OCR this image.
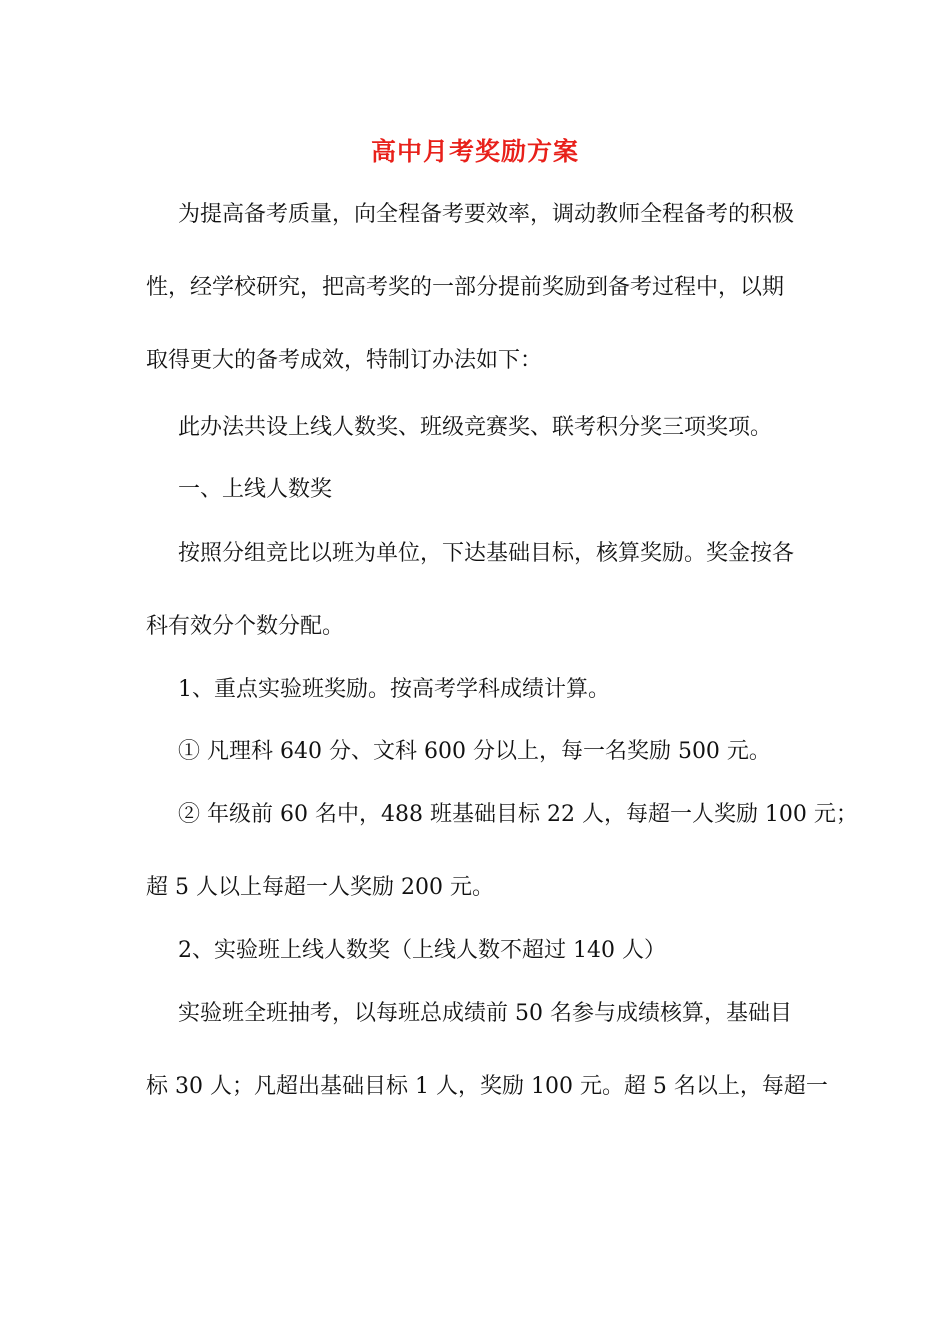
高中月考奖励方案
为提高备考质量，向全程备考要效率，调动教师全程备考的积极
性，经学校研究，把高考奖的一部分提前奖励到备考过程中，以期
取得更大的备考成效，特制订办法如下：
此办法共设上线人数奖、班级竞赛奖、联考积分奖三项奖项。
一、上线人数奖
按照分组竞比以班为单位，下达基础目标，核算奖励。奖金按各
科有效分个数分配。
1、重点实验班奖励。按高考学科成绩计算。
① 凡理科 640 分、文科 600 分以上，每一名奖励 500 元。
② 年级前 60 名中，488 班基础目标 22 人，每超一人奖励 100 元；
超 5 人以上每超一人奖励 200 元。
2、实验班上线人数奖（上线人数不超过 140 人）
实验班全班抽考，以每班总成绩前 50 名参与成绩核算，基础目
标 30 人；凡超出基础目标 1 人，奖励 100 元。超 5 名以上，每超一
